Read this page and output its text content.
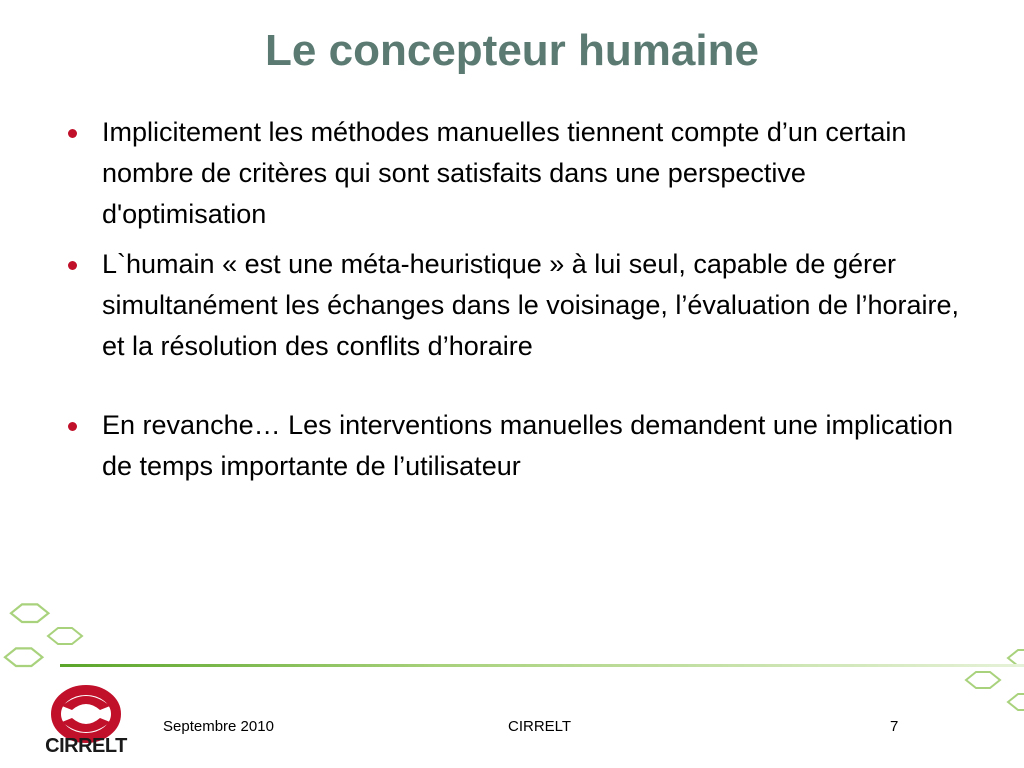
Le concepteur humaine
Implicitement les méthodes manuelles tiennent compte d’un certain nombre de critères qui sont satisfaits dans une perspective d'optimisation
L`humain « est une méta-heuristique » à lui seul, capable de gérer simultanément les échanges dans le voisinage, l’évaluation de l’horaire, et la résolution des conflits d’horaire
En revanche… Les interventions manuelles demandent une implication de temps importante de l’utilisateur
CIRRELT
Septembre 2010	CIRRELT	7
